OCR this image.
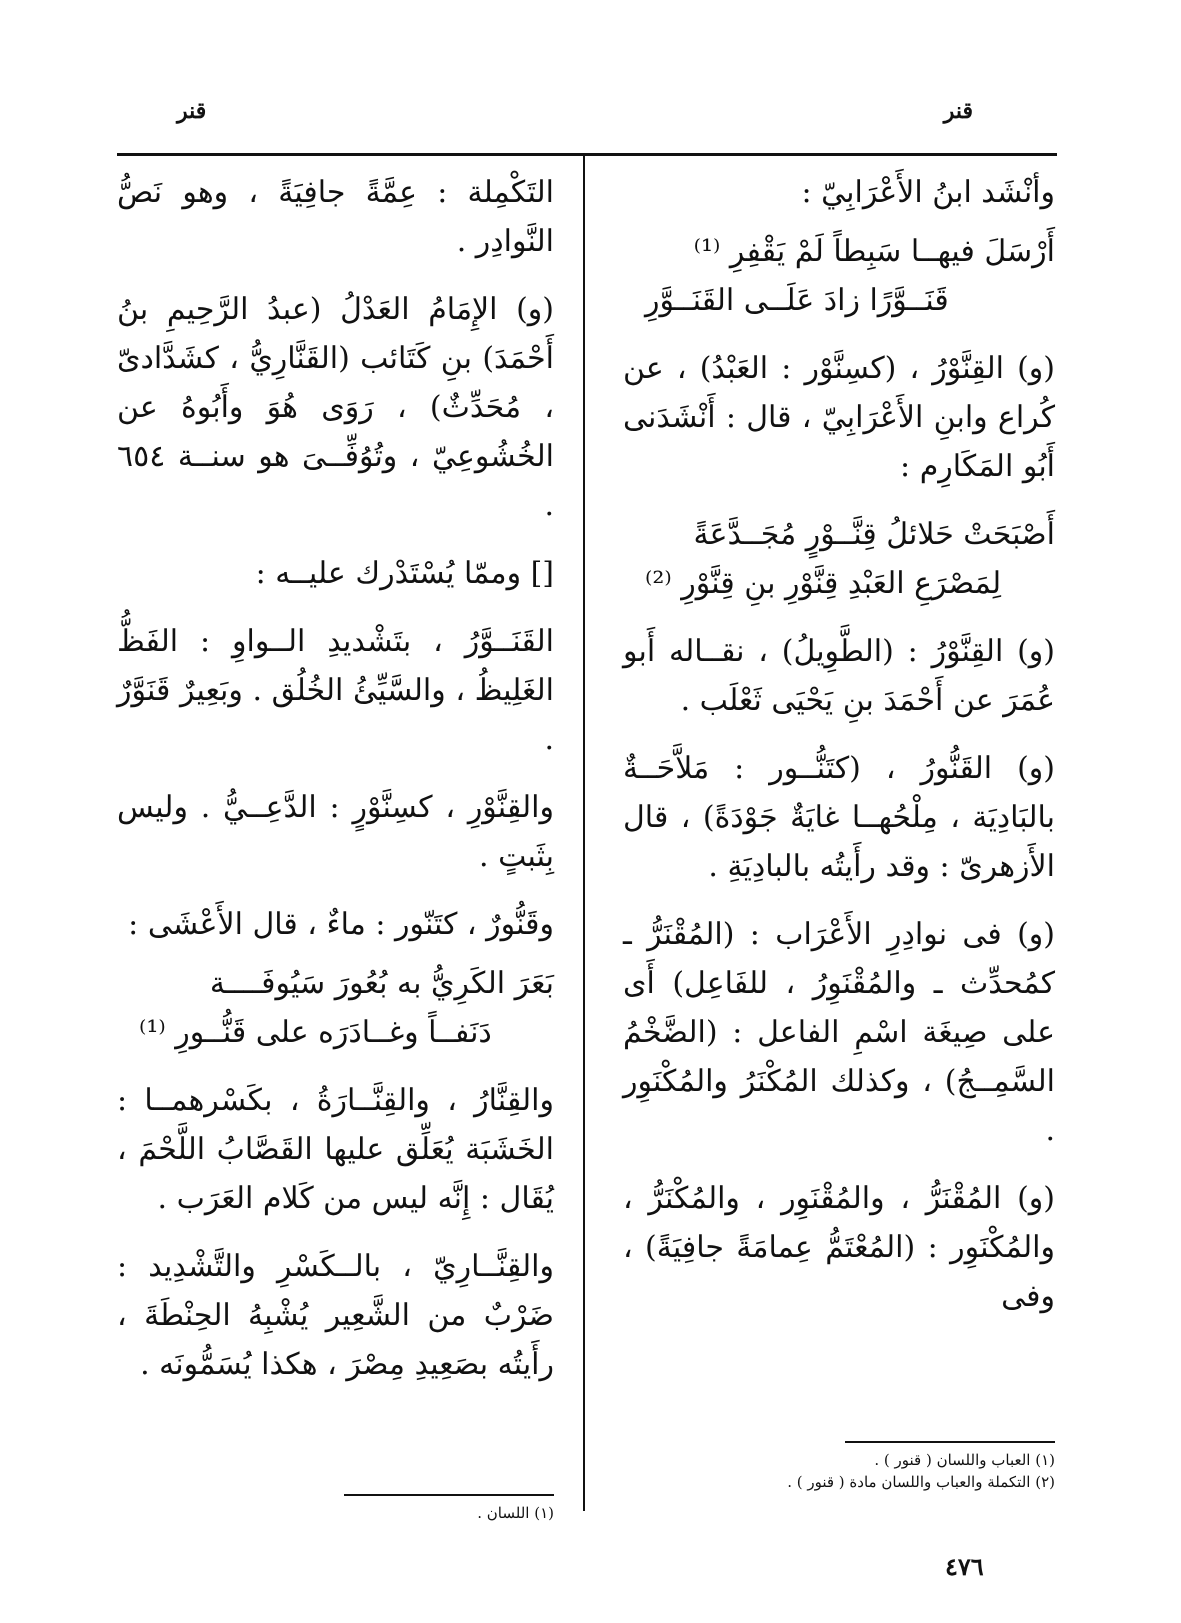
قنر
قنر

وأنْشَد ابنُ الأَعْرَابِيّ :

أَرْسَلَ فيهــا سَبِطاً لَمْ يَقْفِرِ ⁽¹⁾
قَنَــوَّرًا زادَ عَلَــى القَنَــوَّرِ

(و) القِنَّوْرُ ، (كسِنَّوْر : العَبْدُ) ، عن كُراع وابنِ الأَعْرَابِيّ ، قال : أَنْشَدَنى أَبُو المَكَارِم :

أَصْبَحَتْ حَلائلُ قِنَّــوْرٍ مُجَــدَّعَةً
لِمَصْرَعِ العَبْدِ قِنَّوْرِ بنِ قِنَّوْرِ ⁽²⁾

(و) القِنَّوْرُ : (الطَّوِيلُ) ، نقــاله أَبو عُمَرَ عن أَحْمَدَ بنِ يَحْيَى ثَعْلَب .

(و) القَنُّورُ ، (كتَنُّــور : مَلاَّحَــةٌ بالبَادِيَة ، مِلْحُهــا غايَةٌ جَوْدَةً) ، قال الأَزهرىّ : وقد رأَيتُه بالبادِيَةِ .

(و) فى نوادِرِ الأَعْرَاب : (المُقْنَرُّ ـ كمُحدِّث ـ والمُقْنَوِرُ ، للفَاعِل) أَى على صِيغَة اسْمِ الفاعل : (الضَّخْمُ السَّمِــجُ) ، وكذلك المُكْنَرُ والمُكْنَوِر .

(و) المُقْنَرُّ ، والمُقْنَوِر ، والمُكْنَرُّ ، والمُكْنَوِر : (المُعْتَمُّ عِمامَةً جافِيَةً) ، وفى

التَكْمِلة : عِمَّةً جافِيَةً ، وهو نَصُّ النَّوادِر .

(و) الإِمَامُ العَدْلُ (عبدُ الرَّحِيمِ بنُ أَحْمَدَ) بنِ كَتَائب (القَنَّارِيُّ ، كشَدَّادىّ ، مُحَدِّثٌ) ، رَوَى هُوَ وأَبُوهُ عن الخُشُوعِيّ ، وتُوُفِّــىَ هو سنــة ٦٥٤ .

[] وممّا يُسْتَدْرك عليــه :

القَنَــوَّرُ ، بتَشْديدِ الــواوِ : الفَظُّ الغَلِيظُ ، والسَّيِّئُ الخُلُق . وبَعِيرٌ قَنَوَّرٌ .

والقِنَّوْرِ ، كسِنَّوْرٍ : الدَّعِــيُّ . وليس بِثَبتٍ .

وقَنُّورٌ ، كتَنّور : ماءٌ ، قال الأَعْشَى :

بَعَرَ الكَرِيُّ به بُعُورَ سَيُوفَــــة
دَنَفــاً وغــادَرَه على قَنُّــورِ ⁽¹⁾

والقِنَّارُ ، والقِنَّــارَةُ ، بكَسْرهمــا : الخَشَبَة يُعَلِّق عليها القَصَّابُ اللَّحْمَ ، يُقَال : إِنَّه ليس من كَلام العَرَب .

والقِنَّــارِيّ ، بالــكَسْرِ والتَّشْدِيد : ضَرْبٌ من الشَّعِير يُشْبِهُ الحِنْطَةَ ، رأَيتُه بصَعِيدِ مِصْرَ ، هكذا يُسَمُّونَه .

(١) العباب واللسان ( قنور ) .
(٢) التكملة والعباب واللسان مادة ( قنور ) .
(١) اللسان .
٤٧٦
